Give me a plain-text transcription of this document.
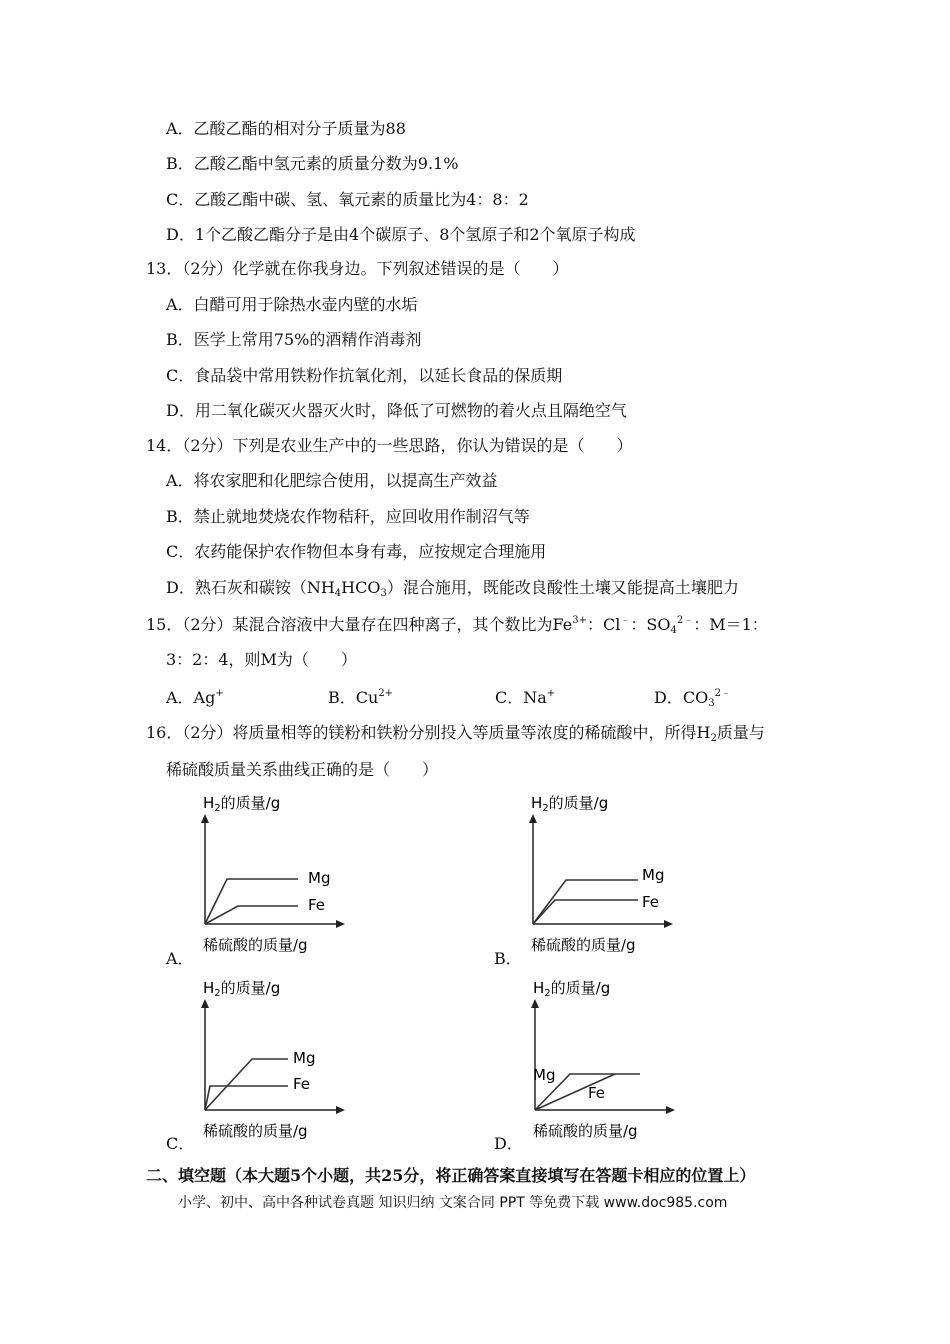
A．乙酸乙酯的相对分子质量为88
B．乙酸乙酯中氢元素的质量分数为9.1%
C．乙酸乙酯中碳、氢、氧元素的质量比为4：8：2
D．1个乙酸乙酯分子是由4个碳原子、8个氢原子和2个氧原子构成
13．（2分）化学就在你我身边。下列叙述错误的是（　　）
A．白醋可用于除热水壶内壁的水垢
B．医学上常用75%的酒精作消毒剂
C．食品袋中常用铁粉作抗氧化剂，以延长食品的保质期
D．用二氧化碳灭火器灭火时，降低了可燃物的着火点且隔绝空气
14．（2分）下列是农业生产中的一些思路，你认为错误的是（　　）
A．将农家肥和化肥综合使用，以提高生产效益
B．禁止就地焚烧农作物秸秆，应回收用作制沼气等
C．农药能保护农作物但本身有毒，应按规定合理施用
D．熟石灰和碳铵$(NH_4HCO_3)$混合施用，既能改良酸性土壤又能提高土壤肥力
15．（2分）某混合溶液中大量存在四种离子，其个数比为$Fe^{3+}$：Cl﹣：$SO_4^{2﹣}$：M＝1：
3：2：4，则M为（　　）
A．Ag+	B．$Cu^{2+}$	C．Na+	D．$CO_3^{2﹣}$
16．（2分）将质量相等的镁粉和铁粉分别投入等质量等浓度的稀硫酸中，所得$H_2$质量与
稀硫酸质量关系曲线正确的是（　　）
$H_2$的质量/g
Mg
Fe
稀硫酸的质量/g
A．
$H_2$的质量/g
Mg
Fe
稀硫酸的质量/g
B．
$H_2$的质量/g
Mg
Fe
稀硫酸的质量/g
C．
$H_2$的质量/g
Mg
Fe
稀硫酸的质量/g
D．
二、填空题（本大题5个小题，共25分，将正确答案直接填写在答题卡相应的位置上）
小学、初中、高中各种试卷真题 知识归纳 文案合同 PPT 等免费下载 www.doc985.com
